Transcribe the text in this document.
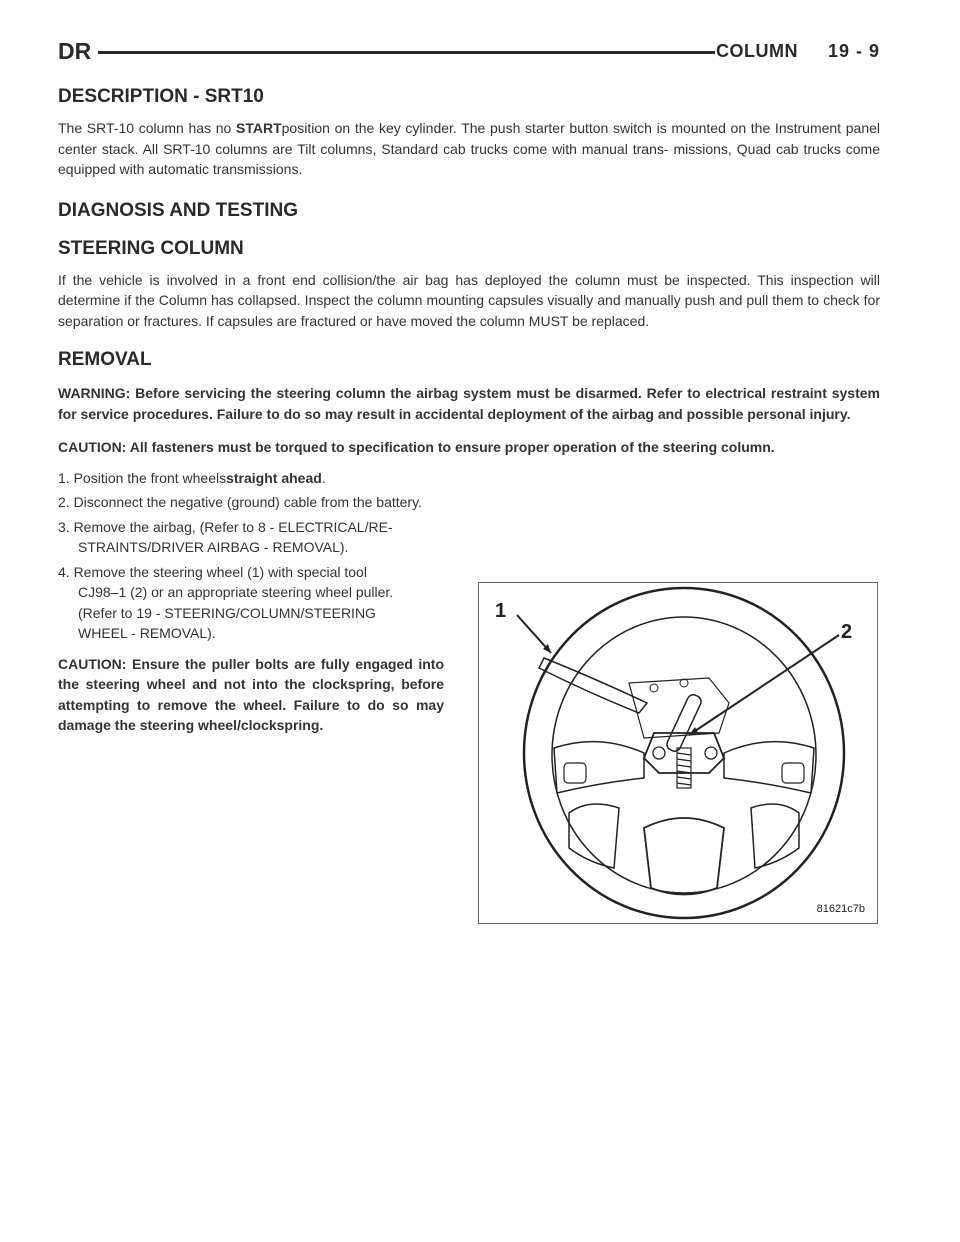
DR	COLUMN 19 - 9
DESCRIPTION - SRT10

The SRT-10 column has no STARTposition on the key cylinder. The push starter button switch is mounted on the Instrument panel center stack. All SRT-10 columns are Tilt columns, Standard cab trucks come with manual trans- missions, Quad cab trucks come equipped with automatic transmissions.

DIAGNOSIS AND TESTING
STEERING COLUMN

If the vehicle is involved in a front end collision/the air bag has deployed the column must be inspected. This inspection will determine if the Column has collapsed. Inspect the column mounting capsules visually and manually push and pull them to check for separation or fractures. If capsules are fractured or have moved the column MUST be replaced.

REMOVAL

WARNING: Before servicing the steering column the airbag system must be disarmed. Refer to electrical restraint system for service procedures. Failure to do so may result in accidental deployment of the airbag and possible personal injury.

CAUTION: All fasteners must be torqued to specification to ensure proper operation of the steering column.

1. Position the front wheelsstraight ahead.
2. Disconnect the negative (ground) cable from the battery.
3. Remove the airbag, (Refer to 8 - ELECTRICAL/RE-
STRAINTS/DRIVER AIRBAG - REMOVAL).
4. Remove the steering wheel (1) with special tool
CJ98–1 (2) or an appropriate steering wheel puller.
(Refer to 19 - STEERING/COLUMN/STEERING
WHEEL - REMOVAL).

CAUTION: Ensure the puller bolts are fully engaged into the steering wheel and not into the clockspring, before attempting to remove the wheel. Failure to do so may damage the steering wheel/clockspring.

1
2
81621c7b
